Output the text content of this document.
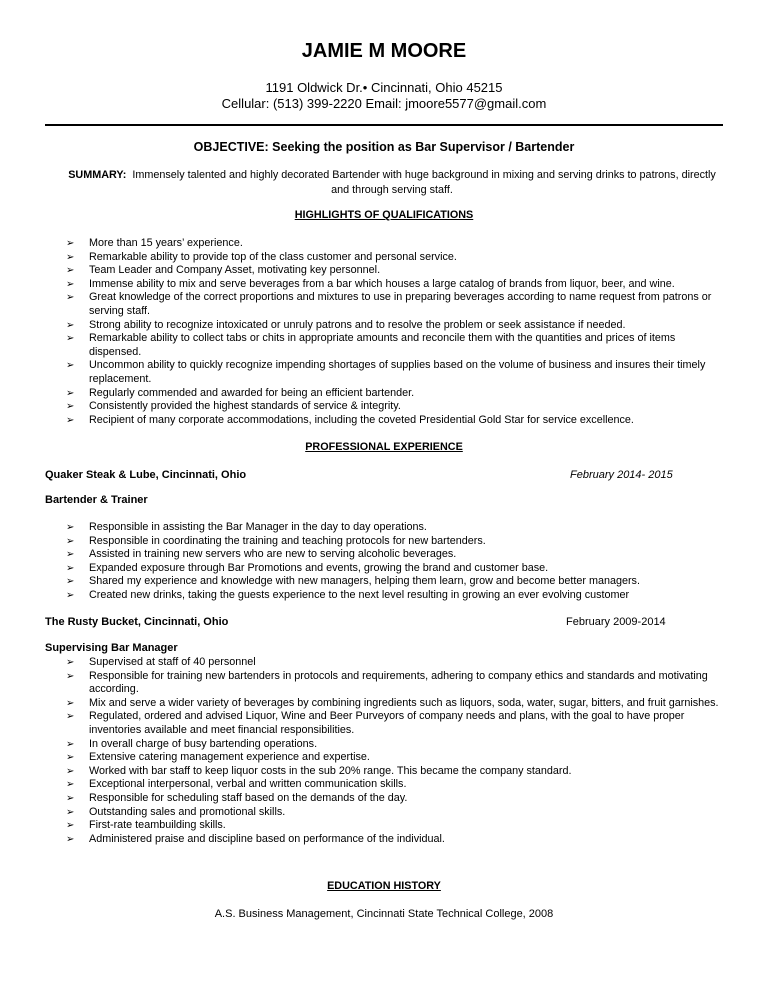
JAMIE M MOORE
1191 Oldwick Dr.• Cincinnati, Ohio 45215
Cellular: (513) 399-2220 Email: jmoore5577@gmail.com
OBJECTIVE: Seeking the position as Bar Supervisor / Bartender
SUMMARY: Immensely talented and highly decorated Bartender with huge background in mixing and serving drinks to patrons, directly and through serving staff.
HIGHLIGHTS OF QUALIFICATIONS
➢ More than 15 years’ experience.
➢ Remarkable ability to provide top of the class customer and personal service.
➢ Team Leader and Company Asset, motivating key personnel.
➢ Immense ability to mix and serve beverages from a bar which houses a large catalog of brands from liquor, beer, and wine.
➢ Great knowledge of the correct proportions and mixtures to use in preparing beverages according to name request from patrons or serving staff.
➢ Strong ability to recognize intoxicated or unruly patrons and to resolve the problem or seek assistance if needed.
➢ Remarkable ability to collect tabs or chits in appropriate amounts and reconcile them with the quantities and prices of items dispensed.
➢ Uncommon ability to quickly recognize impending shortages of supplies based on the volume of business and insures their timely replacement.
➢ Regularly commended and awarded for being an efficient bartender.
➢ Consistently provided the highest standards of service & integrity.
➢ Recipient of many corporate accommodations, including the coveted Presidential Gold Star for service excellence.
PROFESSIONAL EXPERIENCE
Quaker Steak & Lube, Cincinnati, Ohio	February 2014- 2015
Bartender & Trainer
➢ Responsible in assisting the Bar Manager in the day to day operations.
➢ Responsible in coordinating the training and teaching protocols for new bartenders.
➢ Assisted in training new servers who are new to serving alcoholic beverages.
➢ Expanded exposure through Bar Promotions and events, growing the brand and customer base.
➢ Shared my experience and knowledge with new managers, helping them learn, grow and become better managers.
➢ Created new drinks, taking the guests experience to the next level resulting in growing an ever evolving customer
The Rusty Bucket, Cincinnati, Ohio	February 2009-2014
Supervising Bar Manager
➢ Supervised at staff of 40 personnel
➢ Responsible for training new bartenders in protocols and requirements, adhering to company ethics and standards and motivating according.
➢ Mix and serve a wider variety of beverages by combining ingredients such as liquors, soda, water, sugar, bitters, and fruit garnishes.
➢ Regulated, ordered and advised Liquor, Wine and Beer Purveyors of company needs and plans, with the goal to have proper inventories available and meet financial responsibilities.
➢ In overall charge of busy bartending operations.
➢ Extensive catering management experience and expertise.
➢ Worked with bar staff to keep liquor costs in the sub 20% range. This became the company standard.
➢ Exceptional interpersonal, verbal and written communication skills.
➢ Responsible for scheduling staff based on the demands of the day.
➢ Outstanding sales and promotional skills.
➢ First-rate teambuilding skills.
➢ Administered praise and discipline based on performance of the individual.
EDUCATION HISTORY
A.S. Business Management, Cincinnati State Technical College, 2008
